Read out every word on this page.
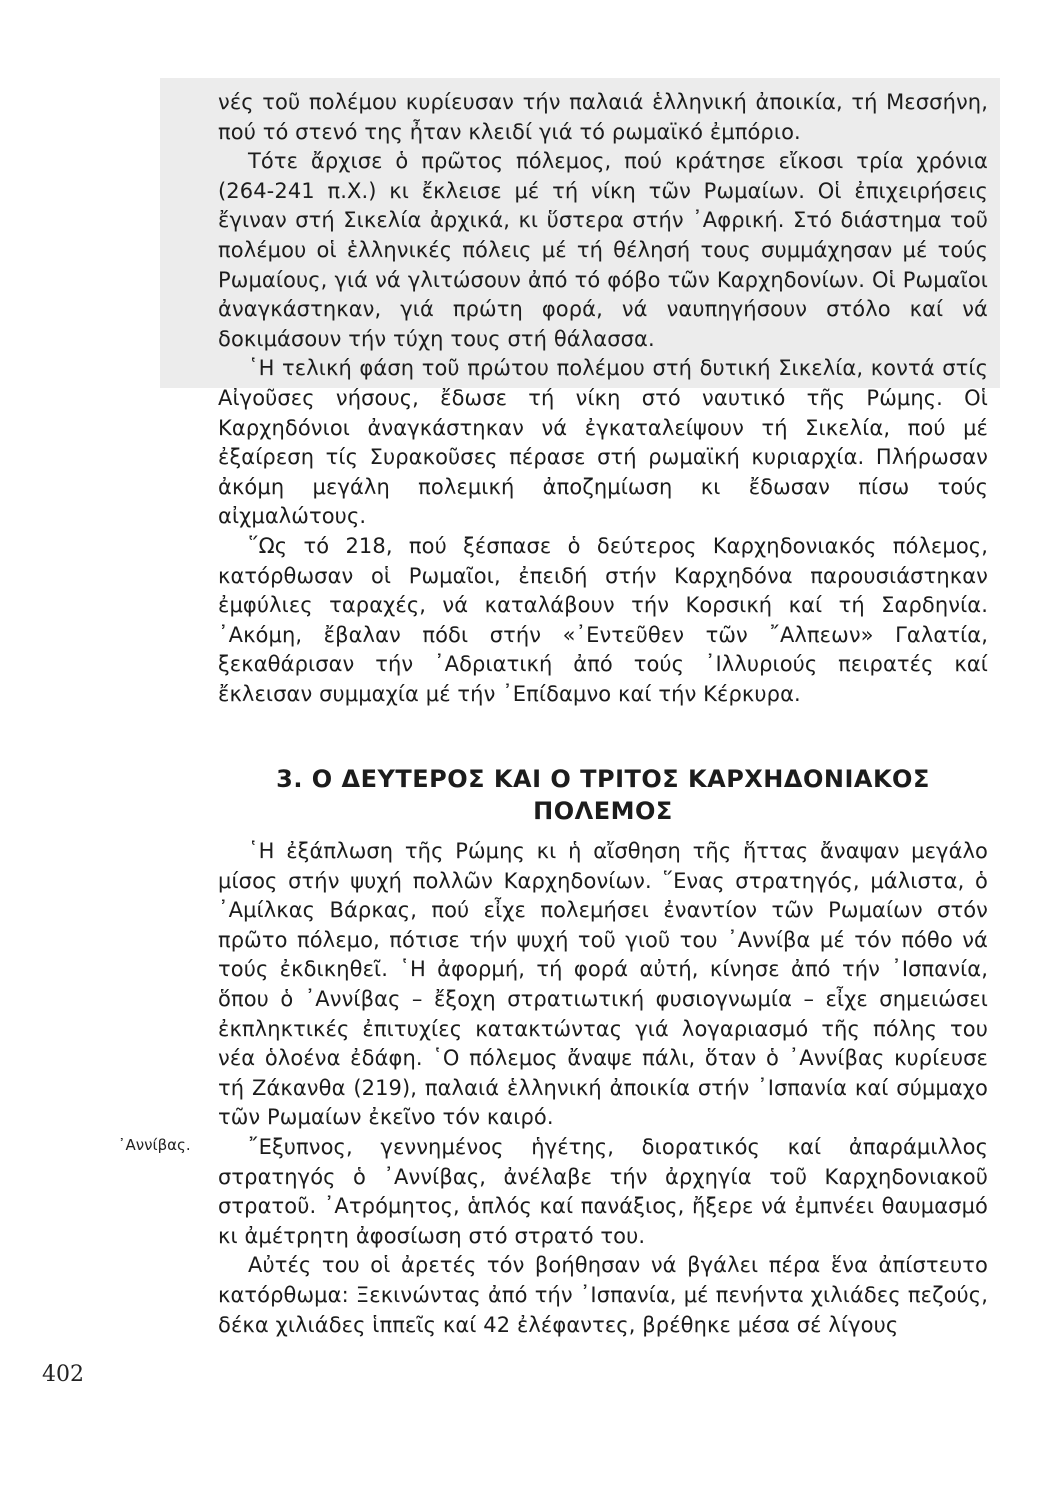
νές τοῦ πολέμου κυρίευσαν τήν παλαιά ἑλληνική ἀποικία, τή Μεσσήνη, πού τό στενό της ἦταν κλειδί γιά τό ρωμαϊκό ἐμπόριο.

Τότε ἄρχισε ὁ πρῶτος πόλεμος, πού κράτησε εἴκοσι τρία χρόνια (264-241 π.Χ.) κι ἔκλεισε μέ τή νίκη τῶν Ρωμαίων. Οἱ ἐπιχειρήσεις ἔγιναν στή Σικελία ἀρχικά, κι ὕστερα στήν ᾿Αφρική. Στό διάστημα τοῦ πολέμου οἱ ἑλληνικές πόλεις μέ τή θέλησή τους συμμάχησαν μέ τούς Ρωμαίους, γιά νά γλιτώσουν ἀπό τό φόβο τῶν Καρχηδονίων. Οἱ Ρωμαῖοι ἀναγκάστηκαν, γιά πρώτη φορά, νά ναυπηγήσουν στόλο καί νά δοκιμάσουν τήν τύχη τους στή θάλασσα.

῾Η τελική φάση τοῦ πρώτου πολέμου στή δυτική Σικελία, κοντά στίς Αἰγοῦσες νήσους, ἔδωσε τή νίκη στό ναυτικό τῆς Ρώμης. Οἱ Καρχηδόνιοι ἀναγκάστηκαν νά ἐγκαταλείψουν τή Σικελία, πού μέ ἐξαίρεση τίς Συρακοῦσες πέρασε στή ρωμαϊκή κυριαρχία. Πλήρωσαν ἀκόμη μεγάλη πολεμική ἀποζημίωση κι ἔδωσαν πίσω τούς αἰχμαλώτους.

῞Ως τό 218, πού ξέσπασε ὁ δεύτερος Καρχηδονιακός πόλεμος, κατόρθωσαν οἱ Ρωμαῖοι, ἐπειδή στήν Καρχηδόνα παρουσιάστηκαν ἐμφύλιες ταραχές, νά καταλάβουν τήν Κορσική καί τή Σαρδηνία. ᾿Ακόμη, ἔβαλαν πόδι στήν «᾿Εντεῦθεν τῶν ῎Αλπεων» Γαλατία, ξεκαθάρισαν τήν ᾿Αδριατική ἀπό τούς ᾿Ιλλυριούς πειρατές καί ἔκλεισαν συμμαχία μέ τήν ᾿Επίδαμνο καί τήν Κέρκυρα.

3. Ο ΔΕΥΤΕΡΟΣ ΚΑΙ Ο ΤΡΙΤΟΣ ΚΑΡΧΗΔΟΝΙΑΚΟΣ
ΠΟΛΕΜΟΣ

῾Η ἐξάπλωση τῆς Ρώμης κι ἡ αἴσθηση τῆς ἥττας ἄναψαν μεγάλο μίσος στήν ψυχή πολλῶν Καρχηδονίων. ῞Ενας στρατηγός, μάλιστα, ὁ ᾿Αμίλκας Βάρκας, πού εἶχε πολεμήσει ἐναντίον τῶν Ρωμαίων στόν πρῶτο πόλεμο, πότισε τήν ψυχή τοῦ γιοῦ του ᾿Αννίβα μέ τόν πόθο νά τούς ἐκδικηθεῖ. ῾Η ἀφορμή, τή φορά αὐτή, κίνησε ἀπό τήν ᾿Ισπανία, ὅπου ὁ ᾿Αννίβας – ἔξοχη στρατιωτική φυσιογνωμία – εἶχε σημειώσει ἐκπληκτικές ἐπιτυχίες κατακτώντας γιά λογαριασμό τῆς πόλης του νέα ὁλοένα ἐδάφη. ῾Ο πόλεμος ἄναψε πάλι, ὅταν ὁ ᾿Αννίβας κυρίευσε τή Ζάκανθα (219), παλαιά ἑλληνική ἀποικία στήν ᾿Ισπανία καί σύμμαχο τῶν Ρωμαίων ἐκεῖνο τόν καιρό.

῎Εξυπνος, γεννημένος ἡγέτης, διορατικός καί ἀπαράμιλλος στρατηγός ὁ ᾿Αννίβας, ἀνέλαβε τήν ἀρχηγία τοῦ Καρχηδονιακοῦ στρατοῦ. ᾿Ατρόμητος, ἁπλός καί πανάξιος, ἤξερε νά ἐμπνέει θαυμασμό κι ἀμέτρητη ἀφοσίωση στό στρατό του.

Αὐτές του οἱ ἀρετές τόν βοήθησαν νά βγάλει πέρα ἕνα ἀπίστευτο κατόρθωμα: Ξεκινώντας ἀπό τήν ᾿Ισπανία, μέ πενήντα χιλιάδες πεζούς, δέκα χιλιάδες ἱππεῖς καί 42 ἐλέφαντες, βρέθηκε μέσα σέ λίγους

᾿Αννίβας.
402
